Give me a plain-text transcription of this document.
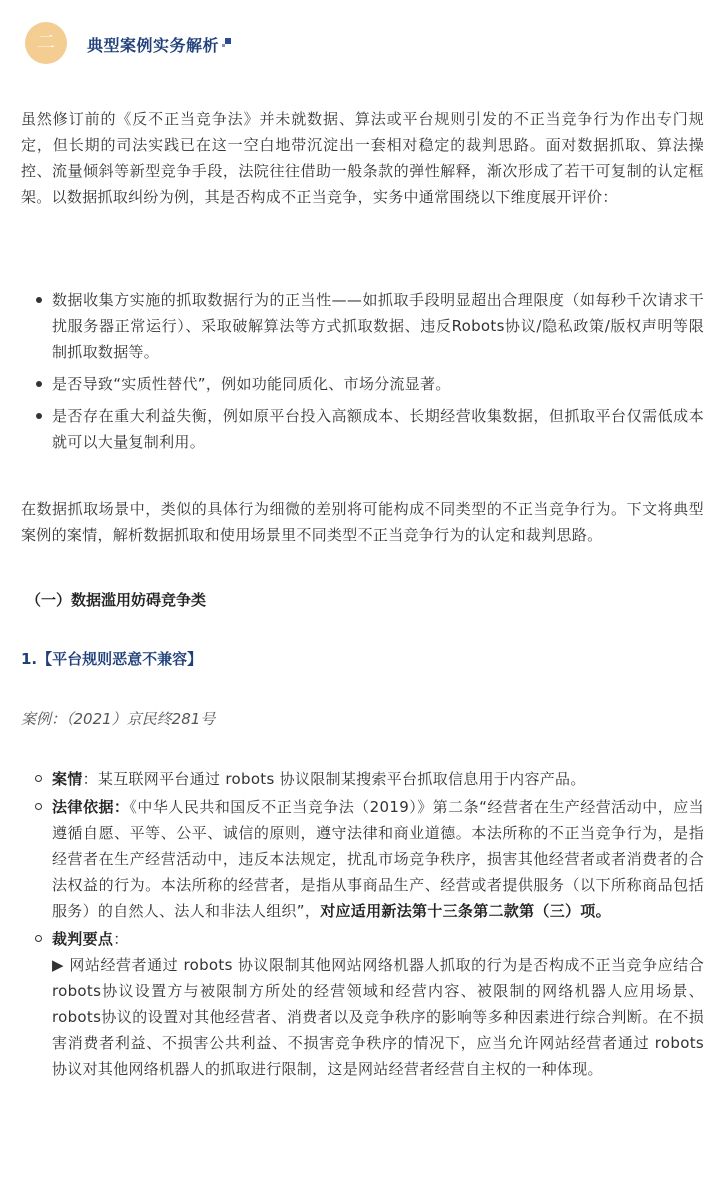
二	典型案例实务解析
虽然修订前的《反不正当竞争法》并未就数据、算法或平台规则引发的不正当竞争行为作出专门规定，但长期的司法实践已在这一空白地带沉淀出一套相对稳定的裁判思路。面对数据抓取、算法操控、流量倾斜等新型竞争手段，法院往往借助一般条款的弹性解释，渐次形成了若干可复制的认定框架。以数据抓取纠纷为例，其是否构成不正当竞争，实务中通常围绕以下维度展开评价：
数据收集方实施的抓取数据行为的正当性——如抓取手段明显超出合理限度（如每秒千次请求干扰服务器正常运行）、采取破解算法等方式抓取数据、违反Robots协议/隐私政策/版权声明等限制抓取数据等。
是否导致“实质性替代”，例如功能同质化、市场分流显著。
是否存在重大利益失衡，例如原平台投入高额成本、长期经营收集数据，但抓取平台仅需低成本就可以大量复制利用。
在数据抓取场景中，类似的具体行为细微的差别将可能构成不同类型的不正当竞争行为。下文将典型案例的案情，解析数据抓取和使用场景里不同类型不正当竞争行为的认定和裁判思路。
（一）数据滥用妨碍竞争类
1.【平台规则恶意不兼容】
案例：（2021）京民终281号
案情：某互联网平台通过 robots 协议限制某搜索平台抓取信息用于内容产品。
法律依据：《中华人民共和国反不正当竞争法（2019）》第二条“经营者在生产经营活动中，应当遵循自愿、平等、公平、诚信的原则，遵守法律和商业道德。本法所称的不正当竞争行为，是指经营者在生产经营活动中，违反本法规定，扰乱市场竞争秩序，损害其他经营者或者消费者的合法权益的行为。本法所称的经营者，是指从事商品生产、经营或者提供服务（以下所称商品包括服务）的自然人、法人和非法人组织”，对应适用新法第十三条第二款第（三）项。
裁判要点：
▶ 网站经营者通过 robots 协议限制其他网站网络机器人抓取的行为是否构成不正当竞争应结合 robots协议设置方与被限制方所处的经营领域和经营内容、被限制的网络机器人应用场景、robots协议的设置对其他经营者、消费者以及竞争秩序的影响等多种因素进行综合判断。在不损害消费者利益、不损害公共利益、不损害竞争秩序的情况下，应当允许网站经营者通过 robots 协议对其他网络机器人的抓取进行限制，这是网站经营者经营自主权的一种体现。
